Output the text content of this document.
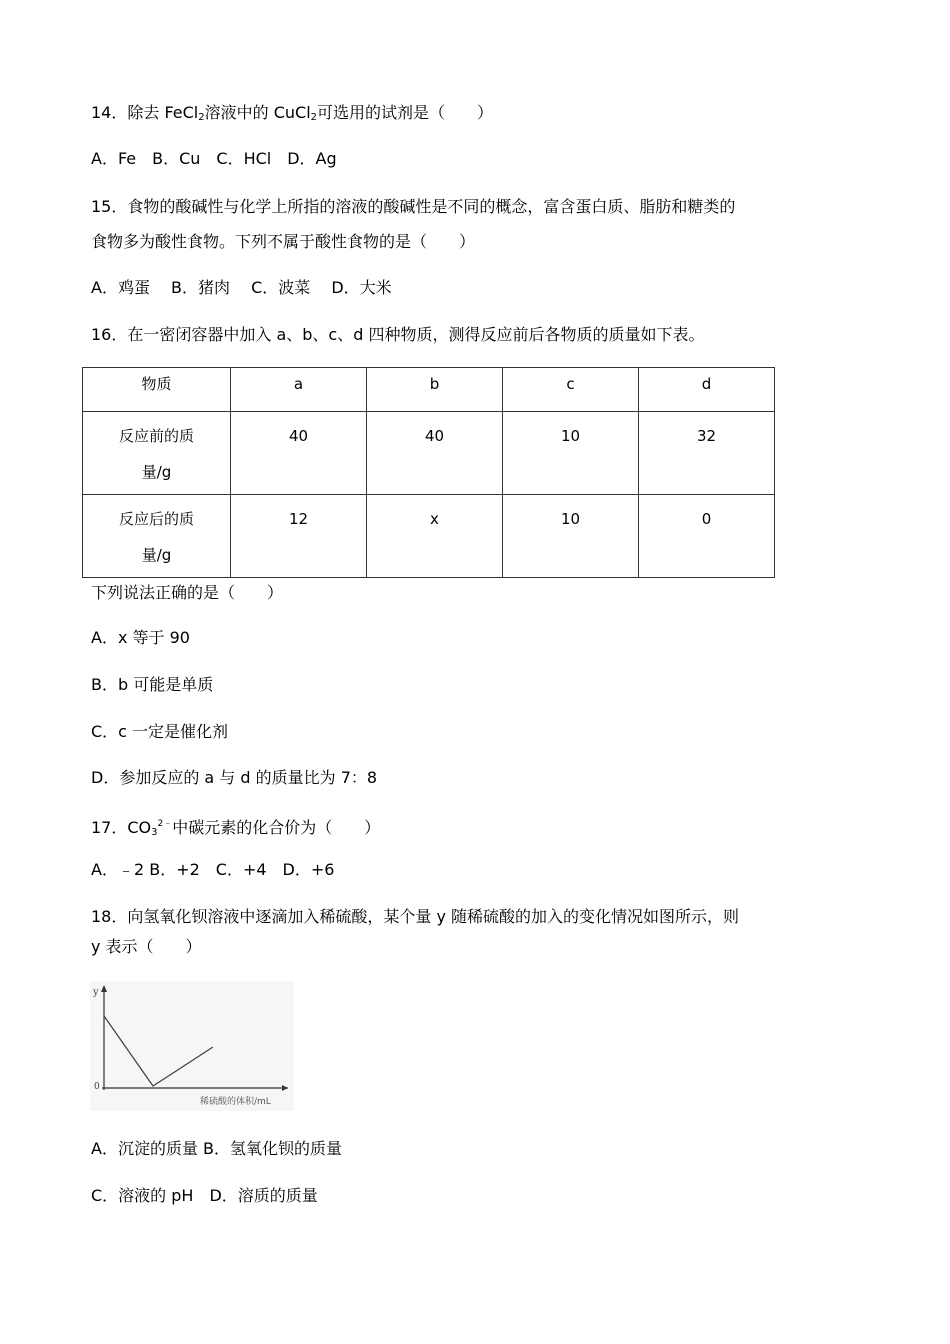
14．除去 FeCl$_2$溶液中的 CuCl$_2$可选用的试剂是（　　）
A．Fe　B．Cu　C．HCl　D．Ag
15．食物的酸碱性与化学上所指的溶液的酸碱性是不同的概念，富含蛋白质、脂肪和糖类的
食物多为酸性食物。下列不属于酸性食物的是（　　）
A．鸡蛋　 B．猪肉　 C．波菜　 D．大米
16．在一密闭容器中加入 a、b、c、d 四种物质，测得反应前后各物质的质量如下表。
物质	a	b	c	d

反应前的质
量/g	40	40	10	32

反应后的质
量/g	12	x	10	0
下列说法正确的是（　　）
A．x 等于 90
B．b 可能是单质
C．c 一定是催化剂
D．参加反应的 a 与 d 的质量比为 7：8
17．$CO_3^{2﹣}$中碳元素的化合价为（　　）
A．﹣2 B．+2　C．+4　D．+6
18．向氢氧化钡溶液中逐滴加入稀硫酸，某个量 y 随稀硫酸的加入的变化情况如图所示，则
y 表示（　　）
y
0
稀硫酸的体积/mL
A．沉淀的质量 B．氢氧化钡的质量
C．溶液的 pH　D．溶质的质量
